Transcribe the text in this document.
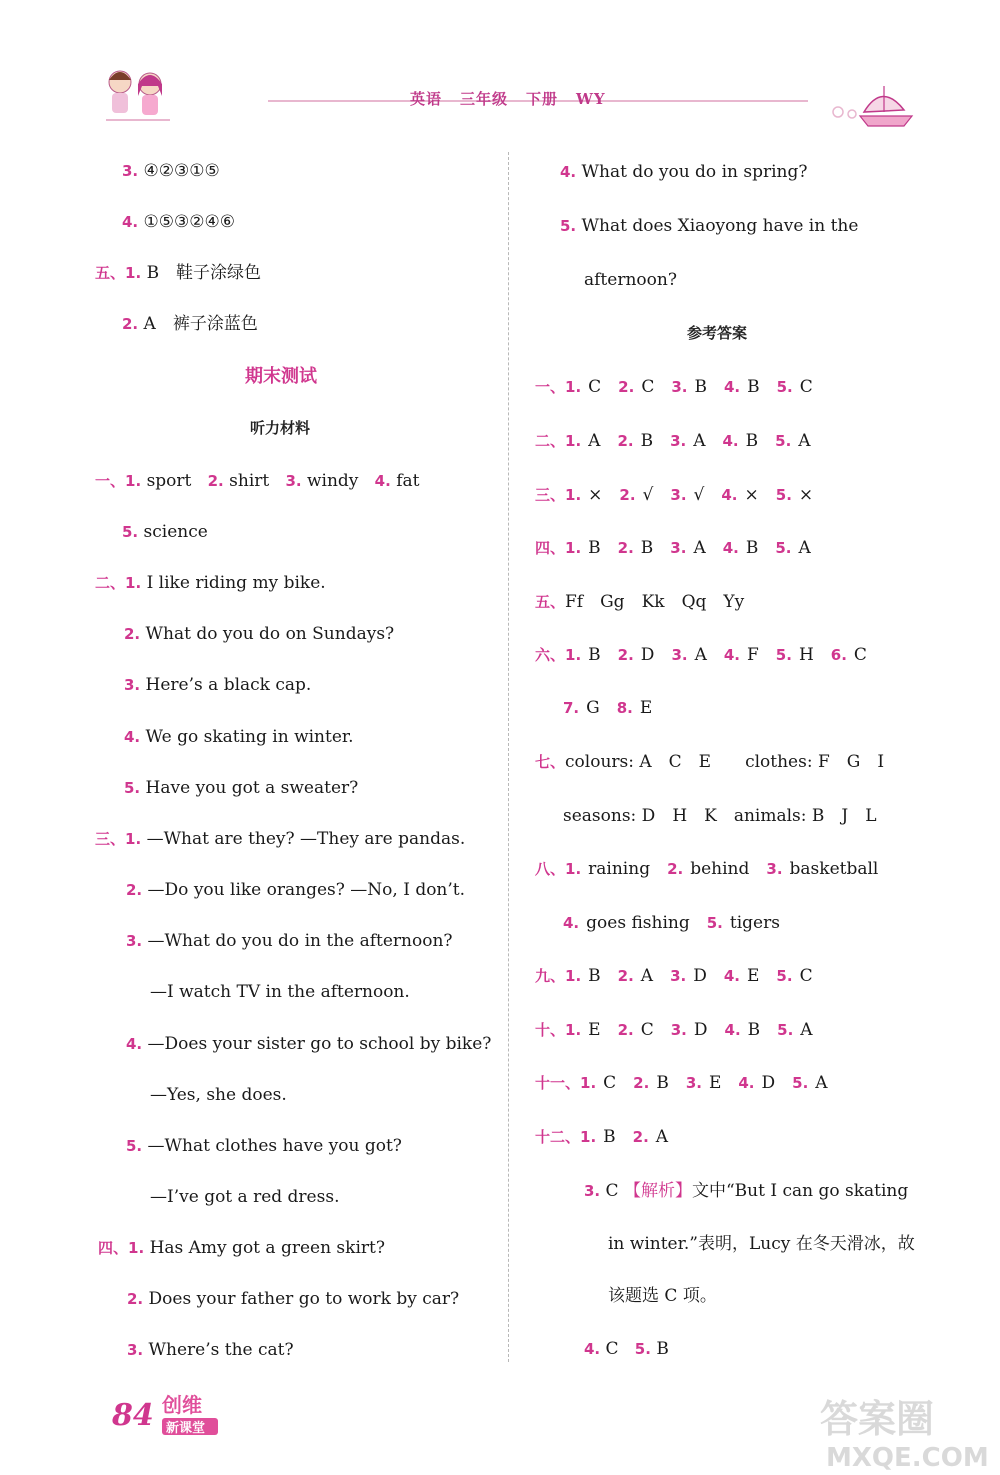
英语 三年级 下册 WY
3. ④②③①⑤
4. ①⑤③②④⑥
五、1. B　鞋子涂绿色
2. A　裤子涂蓝色
期末测试
听力材料
一、1. sport 2. shirt 3. windy 4. fat
5. science
二、1. I like riding my bike.
2. What do you do on Sundays?
3. Here’s a black cap.
4. We go skating in winter.
5. Have you got a sweater?
三、1. —What are they? —They are pandas.
2. —Do you like oranges? —No, I don’t.
3. —What do you do in the afternoon?
—I watch TV in the afternoon.
4. —Does your sister go to school by bike?
—Yes, she does.
5. —What clothes have you got?
—I’ve got a red dress.
四、1. Has Amy got a green skirt?
2. Does your father go to work by car?
3. Where’s the cat?
4. What do you do in spring?
5. What does Xiaoyong have in the
afternoon?
参考答案
一、1. C 2. C 3. B 4. B 5. C
二、1. A 2. B 3. A 4. B 5. A
三、1. × 2. √ 3. √ 4. × 5. ×
四、1. B 2. B 3. A 4. B 5. A
五、Ff　Gg　Kk　Qq　Yy
六、1. B 2. D 3. A 4. F 5. H 6. C
7. G 8. E
七、colours: A　C　E　　clothes: F　G　I
seasons: D　H　K　animals: B　J　L
八、1. raining 2. behind 3. basketball
4. goes fishing 5. tigers
九、1. B 2. A 3. D 4. E 5. C
十、1. E 2. C 3. D 4. B 5. A
十一、1. C 2. B 3. E 4. D 5. A
十二、1. B 2. A
3. C 【解析】文中“But I can go skating
in winter.”表明，Lucy 在冬天滑冰，故
该题选 C 项。
4. C 5. B
84 创维
新课堂	答案圈
MXQE.COM
